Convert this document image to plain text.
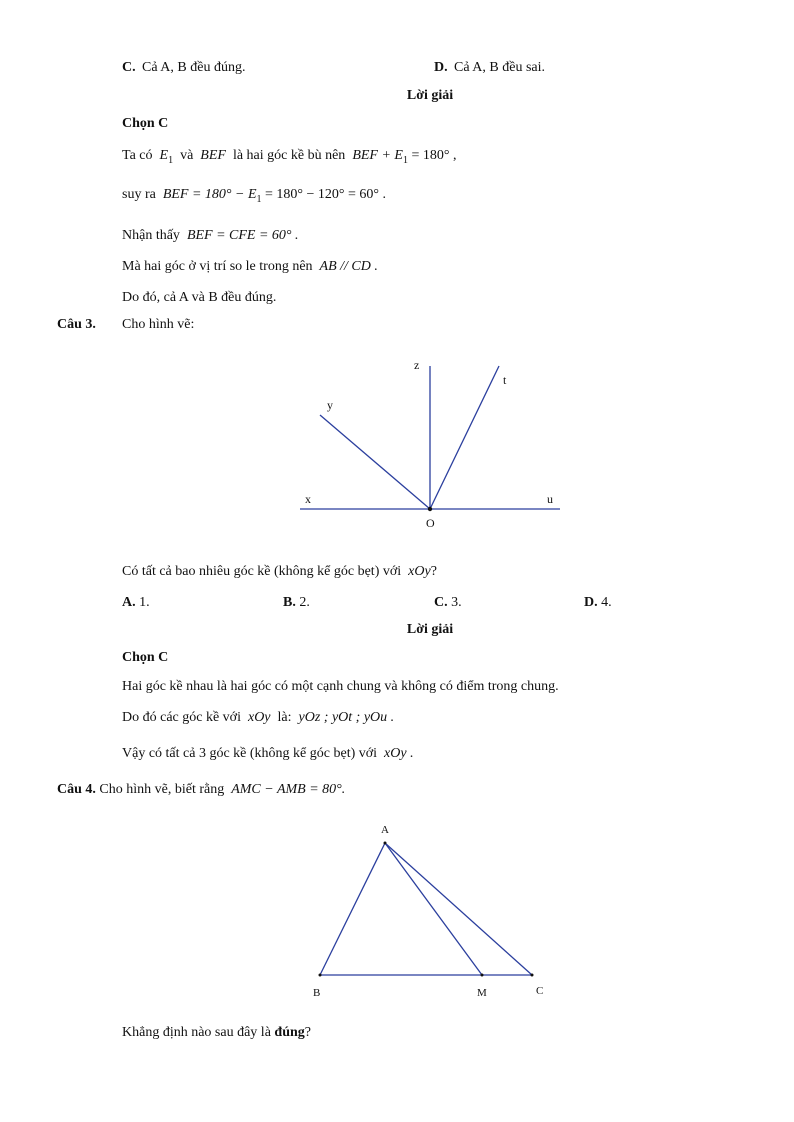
C. Cả A, B đều đúng.	D. Cả A, B đều sai.
Lời giải
Chọn C
Ta có $E_1$ và BEF là hai góc kề bù nên BEF + $E_1 = 180^\circ$ ,
suy ra BEF = $180^\circ - E_1 = 180^\circ - 120^\circ = 60^\circ$ .
Nhận thấy BEF = CFE = 60° .
Mà hai góc ở vị trí so le trong nên AB // CD .
Do đó, cả A và B đều đúng.
Câu 3. Cho hình vẽ:
z
t
y
x	u
O
A
B	M	C
Có tất cả bao nhiêu góc kề (không kể góc bẹt) với xOy?
A. 1.	B. 2.	C. 3.	D. 4.
Lời giải
Chọn C
Hai góc kề nhau là hai góc có một cạnh chung và không có điểm trong chung.
Do đó các góc kề với xOy là: yOz ; yOt ; yOu .
Vậy có tất cả 3 góc kề (không kể góc bẹt) với xOy .
Câu 4. Cho hình vẽ, biết rằng AMC − AMB = 80°.
Khẳng định nào sau đây là đúng?
